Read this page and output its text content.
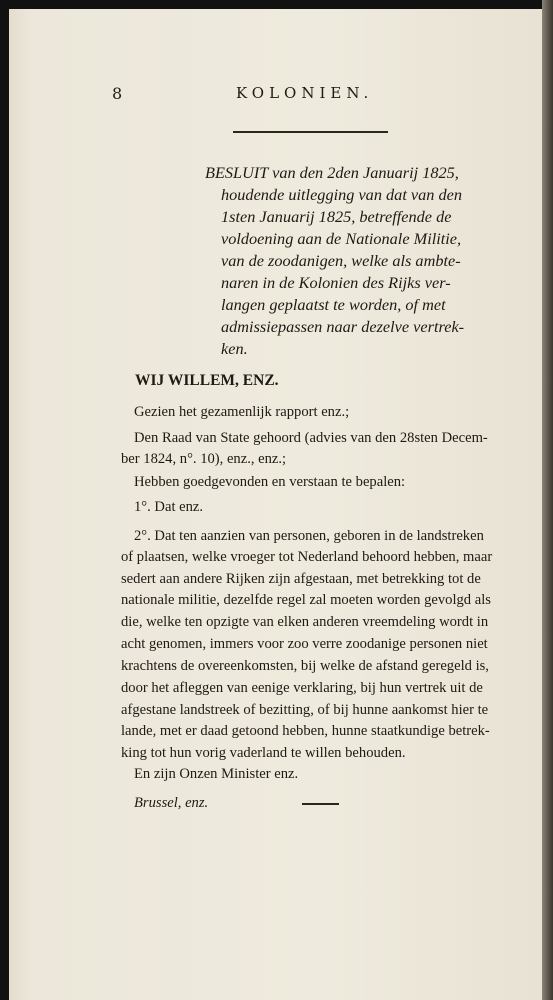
8	KOLONIEN.
BESLUIT van den 2den Januarij 1825,
houdende uitlegging van dat van den
1sten Januarij 1825, betreffende de
voldoening aan de Nationale Militie,
van de zoodanigen, welke als ambte-
naren in de Kolonien des Rijks ver-
langen geplaatst te worden, of met
admissiepassen naar dezelve vertrek-
ken.
WIJ WILLEM, ENZ.
Gezien het gezamenlijk rapport enz.;
Den Raad van State gehoord (advies van den 28sten Decem-
ber 1824, n°. 10), enz., enz.;
Hebben goedgevonden en verstaan te bepalen:
1°. Dat enz.
2°. Dat ten aanzien van personen, geboren in de landstreken
of plaatsen, welke vroeger tot Nederland behoord hebben, maar
sedert aan andere Rijken zijn afgestaan, met betrekking tot de
nationale militie, dezelfde regel zal moeten worden gevolgd als
die, welke ten opzigte van elken anderen vreemdeling wordt in
acht genomen, immers voor zoo verre zoodanige personen niet
krachtens de overeenkomsten, bij welke de afstand geregeld is,
door het afleggen van eenige verklaring, bij hun vertrek uit de
afgestane landstreek of bezitting, of bij hunne aankomst hier te
lande, met er daad getoond hebben, hunne staatkundige betrek-
king tot hun vorig vaderland te willen behouden.
En zijn Onzen Minister enz.
Brussel, enz.
